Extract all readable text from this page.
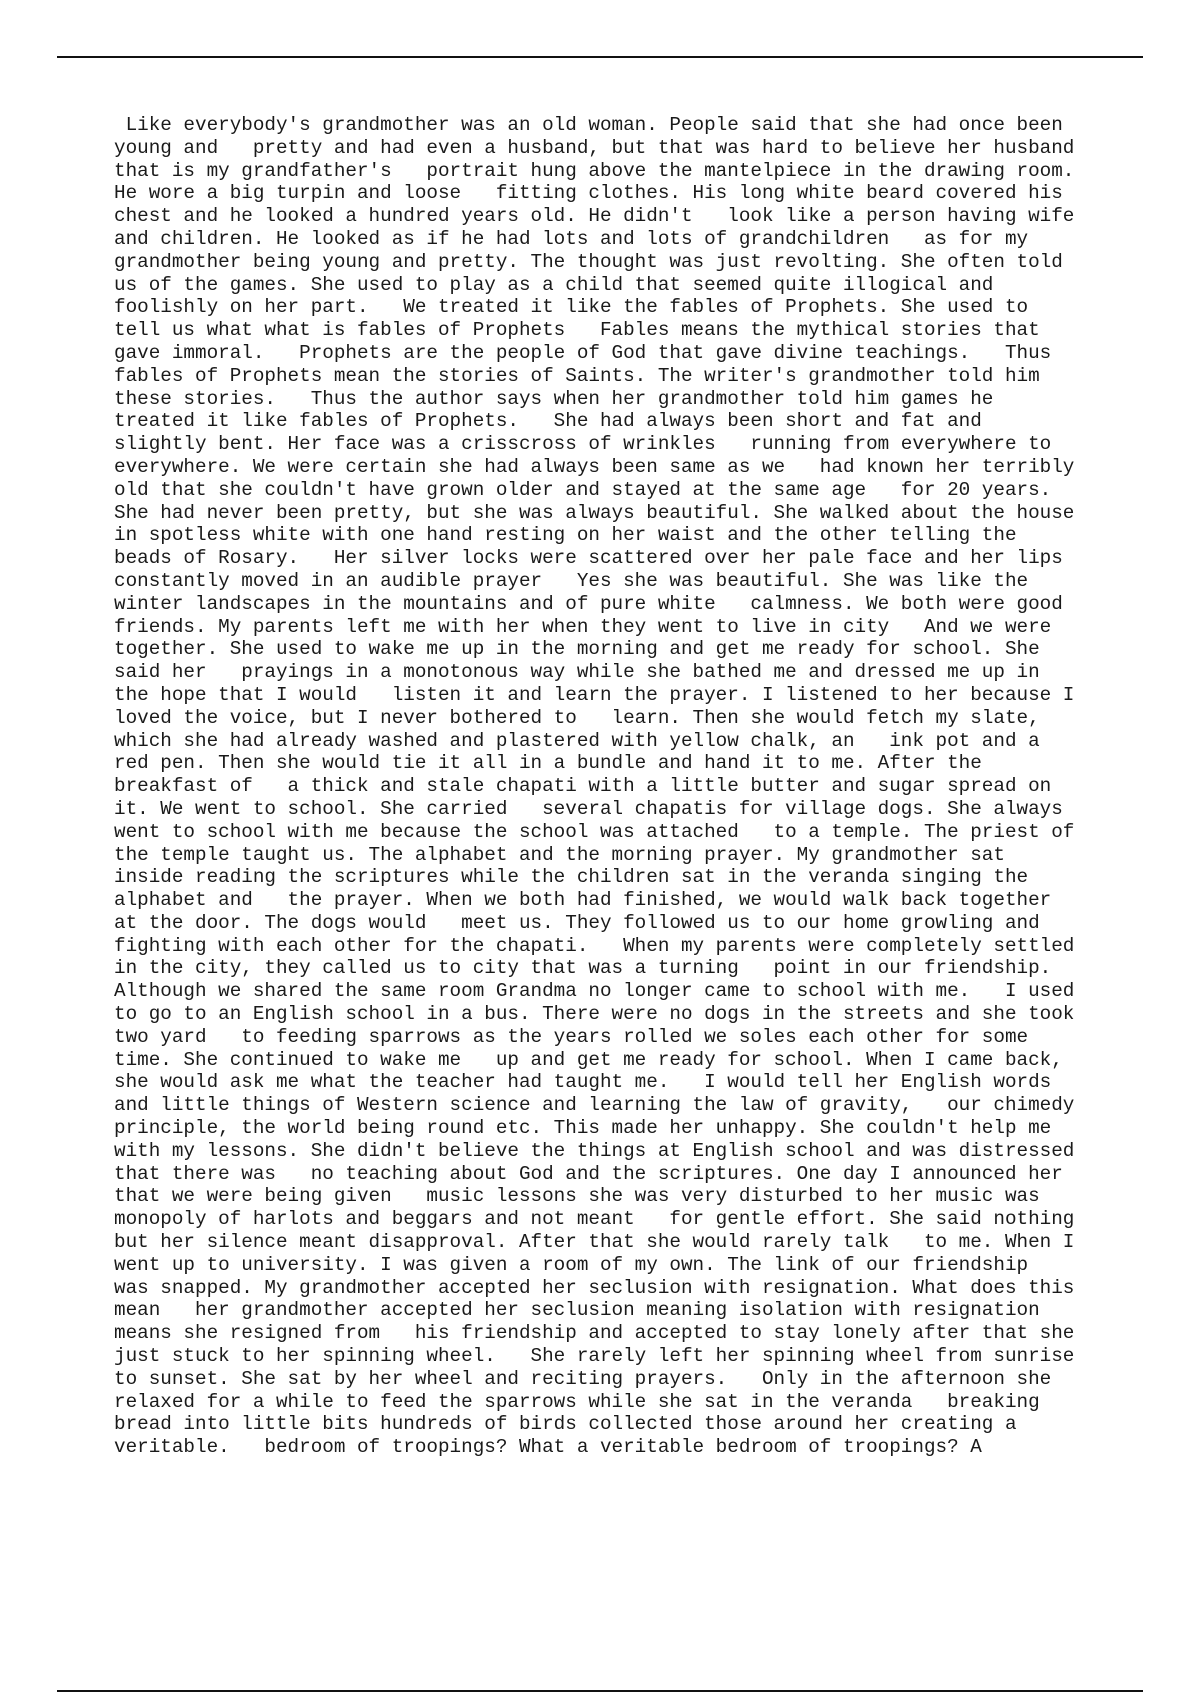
Like everybody's grandmother was an old woman. People said that she had once been
young and   pretty and had even a husband, but that was hard to believe her husband
that is my grandfather's   portrait hung above the mantelpiece in the drawing room.
He wore a big turpin and loose   fitting clothes. His long white beard covered his
chest and he looked a hundred years old. He didn't   look like a person having wife
and children. He looked as if he had lots and lots of grandchildren   as for my
grandmother being young and pretty. The thought was just revolting. She often told
us of the games. She used to play as a child that seemed quite illogical and
foolishly on her part.   We treated it like the fables of Prophets. She used to
tell us what what is fables of Prophets   Fables means the mythical stories that
gave immoral.   Prophets are the people of God that gave divine teachings.   Thus
fables of Prophets mean the stories of Saints. The writer's grandmother told him
these stories.   Thus the author says when her grandmother told him games he
treated it like fables of Prophets.   She had always been short and fat and
slightly bent. Her face was a crisscross of wrinkles   running from everywhere to
everywhere. We were certain she had always been same as we   had known her terribly
old that she couldn't have grown older and stayed at the same age   for 20 years.
She had never been pretty, but she was always beautiful. She walked about the house
in spotless white with one hand resting on her waist and the other telling the
beads of Rosary.   Her silver locks were scattered over her pale face and her lips
constantly moved in an audible prayer   Yes she was beautiful. She was like the
winter landscapes in the mountains and of pure white   calmness. We both were good
friends. My parents left me with her when they went to live in city   And we were
together. She used to wake me up in the morning and get me ready for school. She
said her   prayings in a monotonous way while she bathed me and dressed me up in
the hope that I would   listen it and learn the prayer. I listened to her because I
loved the voice, but I never bothered to   learn. Then she would fetch my slate,
which she had already washed and plastered with yellow chalk, an   ink pot and a
red pen. Then she would tie it all in a bundle and hand it to me. After the
breakfast of   a thick and stale chapati with a little butter and sugar spread on
it. We went to school. She carried   several chapatis for village dogs. She always
went to school with me because the school was attached   to a temple. The priest of
the temple taught us. The alphabet and the morning prayer. My grandmother sat
inside reading the scriptures while the children sat in the veranda singing the
alphabet and   the prayer. When we both had finished, we would walk back together
at the door. The dogs would   meet us. They followed us to our home growling and
fighting with each other for the chapati.   When my parents were completely settled
in the city, they called us to city that was a turning   point in our friendship.
Although we shared the same room Grandma no longer came to school with me.   I used
to go to an English school in a bus. There were no dogs in the streets and she took
two yard   to feeding sparrows as the years rolled we soles each other for some
time. She continued to wake me   up and get me ready for school. When I came back,
she would ask me what the teacher had taught me.   I would tell her English words
and little things of Western science and learning the law of gravity,   our chimedy
principle, the world being round etc. This made her unhappy. She couldn't help me
with my lessons. She didn't believe the things at English school and was distressed
that there was   no teaching about God and the scriptures. One day I announced her
that we were being given   music lessons she was very disturbed to her music was
monopoly of harlots and beggars and not meant   for gentle effort. She said nothing
but her silence meant disapproval. After that she would rarely talk   to me. When I
went up to university. I was given a room of my own. The link of our friendship
was snapped. My grandmother accepted her seclusion with resignation. What does this
mean   her grandmother accepted her seclusion meaning isolation with resignation
means she resigned from   his friendship and accepted to stay lonely after that she
just stuck to her spinning wheel.   She rarely left her spinning wheel from sunrise
to sunset. She sat by her wheel and reciting prayers.   Only in the afternoon she
relaxed for a while to feed the sparrows while she sat in the veranda   breaking
bread into little bits hundreds of birds collected those around her creating a
veritable.   bedroom of troopings? What a veritable bedroom of troopings? A
